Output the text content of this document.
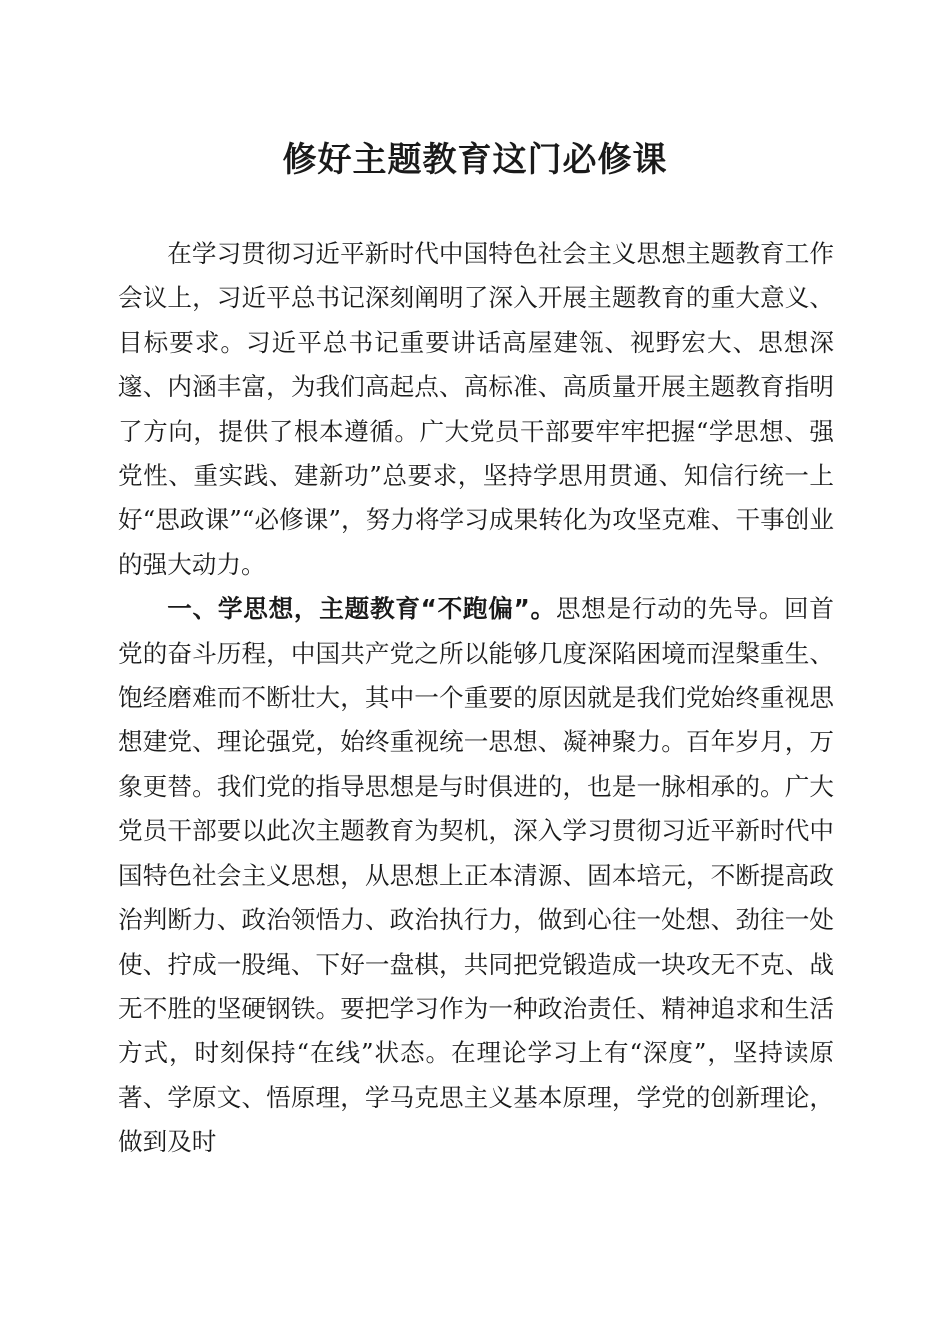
修好主题教育这门必修课

在学习贯彻习近平新时代中国特色社会主义思想主题教育工作会议上，习近平总书记深刻阐明了深入开展主题教育的重大意义、目标要求。习近平总书记重要讲话高屋建瓴、视野宏大、思想深邃、内涵丰富，为我们高起点、高标准、高质量开展主题教育指明了方向，提供了根本遵循。广大党员干部要牢牢把握“学思想、强党性、重实践、建新功”总要求，坚持学思用贯通、知信行统一上好“思政课”“必修课”，努力将学习成果转化为攻坚克难、干事创业的强大动力。

一、学思想，主题教育“不跑偏”。思想是行动的先导。回首党的奋斗历程，中国共产党之所以能够几度深陷困境而涅槃重生、饱经磨难而不断壮大，其中一个重要的原因就是我们党始终重视思想建党、理论强党，始终重视统一思想、凝神聚力。百年岁月，万象更替。我们党的指导思想是与时俱进的，也是一脉相承的。广大党员干部要以此次主题教育为契机，深入学习贯彻习近平新时代中国特色社会主义思想，从思想上正本清源、固本培元，不断提高政治判断力、政治领悟力、政治执行力，做到心往一处想、劲往一处使、拧成一股绳、下好一盘棋，共同把党锻造成一块攻无不克、战无不胜的坚硬钢铁。要把学习作为一种政治责任、精神追求和生活方式，时刻保持“在线”状态。在理论学习上有“深度”，坚持读原著、学原文、悟原理，学马克思主义基本原理，学党的创新理论，做到及时
